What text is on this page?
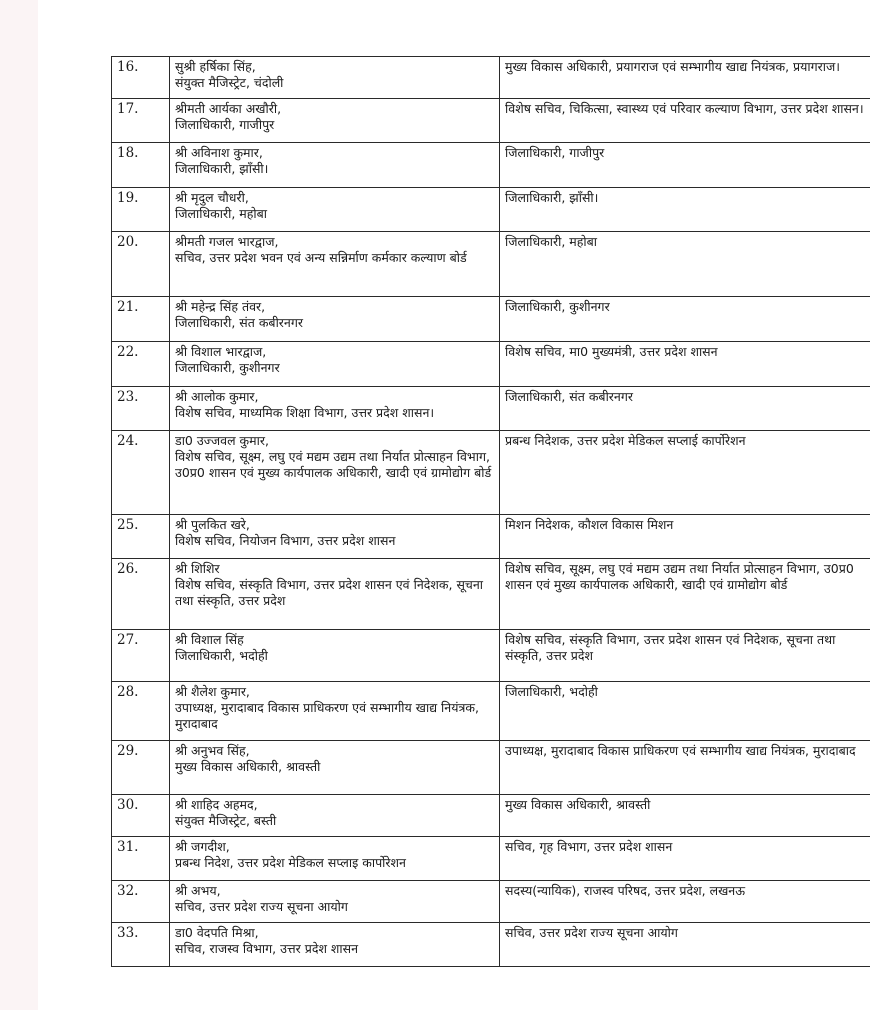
16.	सुश्री हर्षिका सिंह,
संयुक्त मैजिस्ट्रेट, चंदोली	मुख्य विकास अधिकारी, प्रयागराज एवं सम्भागीय खाद्य नियंत्रक, प्रयागराज।
17.	श्रीमती आर्यका अखौरी,
जिलाधिकारी, गाजीपुर	विशेष सचिव, चिकित्सा, स्वास्थ्य एवं परिवार कल्याण विभाग, उत्तर प्रदेश शासन।
18.	श्री अविनाश कुमार,
जिलाधिकारी, झाँसी।	जिलाधिकारी, गाजीपुर
19.	श्री मृदुल चौधरी,
जिलाधिकारी, महोबा	जिलाधिकारी, झाँसी।
20.	श्रीमती गजल भारद्वाज,
सचिव, उत्तर प्रदेश भवन एवं अन्य सन्निर्माण कर्मकार कल्याण बोर्ड	जिलाधिकारी, महोबा
21.	श्री महेन्द्र सिंह तंवर,
जिलाधिकारी, संत कबीरनगर	जिलाधिकारी, कुशीनगर
22.	श्री विशाल भारद्वाज,
जिलाधिकारी, कुशीनगर	विशेष सचिव, मा0 मुख्यमंत्री, उत्तर प्रदेश शासन
23.	श्री आलोक कुमार,
विशेष सचिव, माध्यमिक शिक्षा विभाग, उत्तर प्रदेश शासन।	जिलाधिकारी, संत कबीरनगर
24.	डा0 उज्जवल कुमार,
विशेष सचिव, सूक्ष्म, लघु एवं मद्यम उद्यम तथा निर्यात प्रोत्साहन विभाग, उ0प्र0 शासन एवं मुख्य कार्यपालक अधिकारी, खादी एवं ग्रामोद्योग बोर्ड	प्रबन्ध निदेशक, उत्तर प्रदेश मेडिकल सप्लाई कार्पोरेशन
25.	श्री पुलकित खरे,
विशेष सचिव, नियोजन विभाग, उत्तर प्रदेश शासन	मिशन निदेशक, कौशल विकास मिशन
26.	श्री शिशिर
विशेष सचिव, संस्कृति विभाग, उत्तर प्रदेश शासन एवं निदेशक, सूचना तथा संस्कृति, उत्तर प्रदेश	विशेष सचिव, सूक्ष्म, लघु एवं मद्यम उद्यम तथा निर्यात प्रोत्साहन विभाग, उ0प्र0 शासन एवं मुख्य कार्यपालक अधिकारी, खादी एवं ग्रामोद्योग बोर्ड
27.	श्री विशाल सिंह
जिलाधिकारी, भदोही	विशेष सचिव, संस्कृति विभाग, उत्तर प्रदेश शासन एवं निदेशक, सूचना तथा संस्कृति, उत्तर प्रदेश
28.	श्री शैलेश कुमार,
उपाध्यक्ष, मुरादाबाद विकास प्राधिकरण एवं सम्भागीय खाद्य नियंत्रक, मुरादाबाद	जिलाधिकारी, भदोही
29.	श्री अनुभव सिंह,
मुख्य विकास अधिकारी, श्रावस्ती	उपाध्यक्ष, मुरादाबाद विकास प्राधिकरण एवं सम्भागीय खाद्य नियंत्रक, मुरादाबाद
30.	श्री शाहिद अहमद,
संयुक्त मैजिस्ट्रेट, बस्ती	मुख्य विकास अधिकारी, श्रावस्ती
31.	श्री जगदीश,
प्रबन्ध निदेश, उत्तर प्रदेश मेडिकल सप्लाइ कार्पोरेशन	सचिव, गृह विभाग, उत्तर प्रदेश शासन
32.	श्री अभय,
सचिव, उत्तर प्रदेश राज्य सूचना आयोग	सदस्य(न्यायिक), राजस्व परिषद, उत्तर प्रदेश, लखनऊ
33.	डा0 वेदपति मिश्रा,
सचिव, राजस्व विभाग, उत्तर प्रदेश शासन	सचिव, उत्तर प्रदेश राज्य सूचना आयोग
